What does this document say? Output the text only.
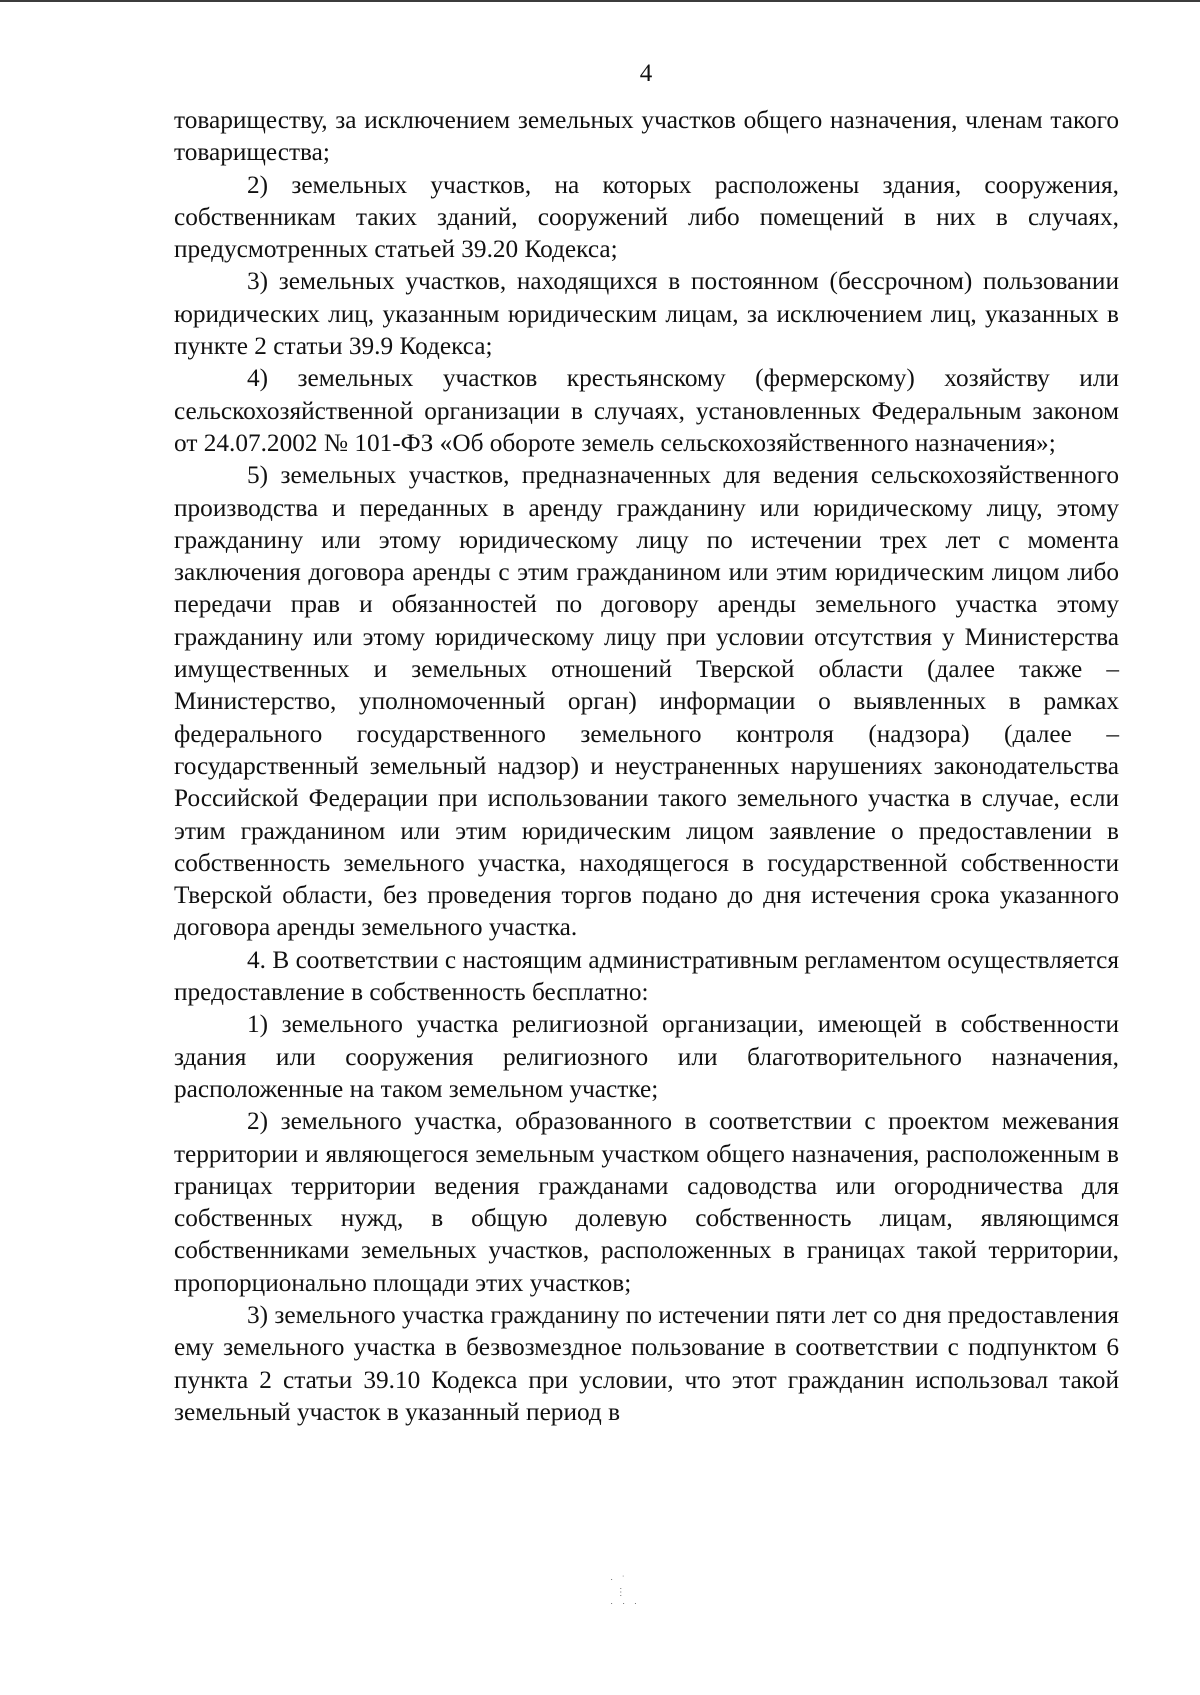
4

товариществу, за исключением земельных участков общего назначения, членам такого товарищества;

2) земельных участков, на которых расположены здания, сооружения, собственникам таких зданий, сооружений либо помещений в них в случаях, предусмотренных статьей 39.20 Кодекса;

3) земельных участков, находящихся в постоянном (бессрочном) пользовании юридических лиц, указанным юридическим лицам, за исключением лиц, указанных в пункте 2 статьи 39.9 Кодекса;

4) земельных участков крестьянскому (фермерскому) хозяйству или сельскохозяйственной организации в случаях, установленных Федеральным законом от 24.07.2002 № 101-ФЗ «Об обороте земель сельскохозяйственного назначения»;

5) земельных участков, предназначенных для ведения сельскохозяйственного производства и переданных в аренду гражданину или юридическому лицу, этому гражданину или этому юридическому лицу по истечении трех лет с момента заключения договора аренды с этим гражданином или этим юридическим лицом либо передачи прав и обязанностей по договору аренды земельного участка этому гражданину или этому юридическому лицу при условии отсутствия у Министерства имущественных и земельных отношений Тверской области (далее также – Министерство, уполномоченный орган) информации о выявленных в рамках федерального государственного земельного контроля (надзора) (далее – государственный земельный надзор) и неустраненных нарушениях законодательства Российской Федерации при использовании такого земельного участка в случае, если этим гражданином или этим юридическим лицом заявление о предоставлении в собственность земельного участка, находящегося в государственной собственности Тверской области, без проведения торгов подано до дня истечения срока указанного договора аренды земельного участка.

4. В соответствии с настоящим административным регламентом осуществляется предоставление в собственность бесплатно:

1) земельного участка религиозной организации, имеющей в собственности здания или сооружения религиозного или благотворительного назначения, расположенные на таком земельном участке;

2) земельного участка, образованного в соответствии с проектом межевания территории и являющегося земельным участком общего назначения, расположенным в границах территории ведения гражданами садоводства или огородничества для собственных нужд, в общую долевую собственность лицам, являющимся собственниками земельных участков, расположенных в границах такой территории, пропорционально площади этих участков;

3) земельного участка гражданину по истечении пяти лет со дня предоставления ему земельного участка в безвозмездное пользование в соответствии с подпунктом 6 пункта 2 статьи 39.10 Кодекса при условии, что этот гражданин использовал такой земельный участок в указанный период в

⋅ ˙
⋮
⋅ ⋅ ⋅
